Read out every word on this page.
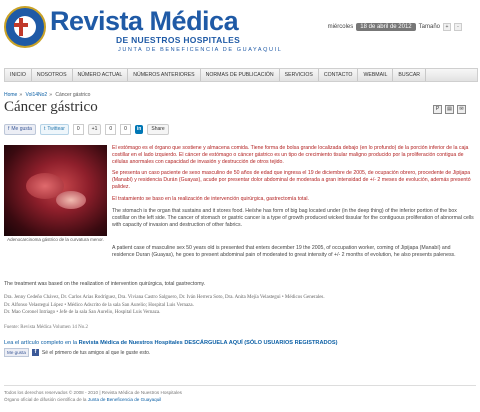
Revista Médica
DE NUESTROS HOSPITALES
JUNTA DE BENEFICENCIA DE GUAYAQUIL
miércoles	18 de abril de 2012	Tamaño	+	-
INICIO	NOSOTROS	NÚMERO ACTUAL	NÚMEROS ANTERIORES	NORMAS DE PUBLICACIÓN	SERVICIOS	CONTACTO	WEBMAIL	BUSCAR
Home » Vol14No2 » Cáncer gástrico
Cáncer gástrico	P	▤	✉
f Me gusta t Twittear	0	+1	0	0	in	Share
Adenocarcinoma gástrico de la curvatura menor.
El estómago es el órgano que sostiene y almacena comida. Tiene forma de bolsa grande localizada debajo (en lo profundo) de la porción inferior de la caja costillar en el lado izquierdo. El cáncer de estómago o cáncer gástrico es un tipo de crecimiento tisular maligno producido por la proliferación contigua de células anormales con capacidad de invasión y destrucción de otros tejido.
Se presenta un caso paciente de sexo masculino de 50 años de edad que ingresa el 19 de diciembre de 2005, de ocupación obrero, procedente de Jipijapa (Manabí) y residencia Durán (Guayas), acude por presentar dolor abdominal de moderada a gran intensidad de +/- 2 meses de evolución, además presentó palidez.
El tratamiento se baso en la realización de intervención quirúrgica, gastrectomía total.
The stomach is the organ that sustains and it stores food. He/she has form of big bag located under (in the deep thing) of the inferior portion of the box costillar on the left side. The cancer of stomach or gastric cancer is a type of growth produced wicked tissular for the contiguous proliferation of abnormal cells with capacity of invasion and destruction of other fabrics.
A patient case of masculine sex 50 years old is presented that enters december 19 the 2005, of occupation worker, coming of Jipijapa (Manabí) and residence Duran (Guayas), he goes to present abdominal pain of moderated to great intensity of +/- 2 months of evolution, he also presents paleness.
The treatment was based on the realization of intervention quirúrgica, total gastrectomy.
Dra. Jenny Cedeño Chávez, Dr. Carlos Arias Rodríguez, Dra. Viviana Castro Salguero, Dr. Iván Herrera Soto, Dra. Anita Mejía Velastegui • Médicos Generales.
Dr. Alfonso Velastegui López • Médico Adscrito de la sala San Aurelio; Hospital Luis Vernaza.
Dr. Mao Coronel Intriago • Jefe de la sala San Aurelio, Hospital Luis Vernaza.
Fuente: Revista Médica Volumen 14 No.2
Lea el artículo completo en la Revista Médica de Nuestros Hospitales DESCÁRGUELA AQUÍ (SÓLO USUARIOS REGISTRADOS)
Me gusta	f	Sé el primero de tus amigos al que le guste esto.
Todos los derechos reservados © 2008 - 2010 | Revista Médica de Nuestros Hospitales
Órgano oficial de difusión científica de la Junta de Beneficencia de Guayaquil
